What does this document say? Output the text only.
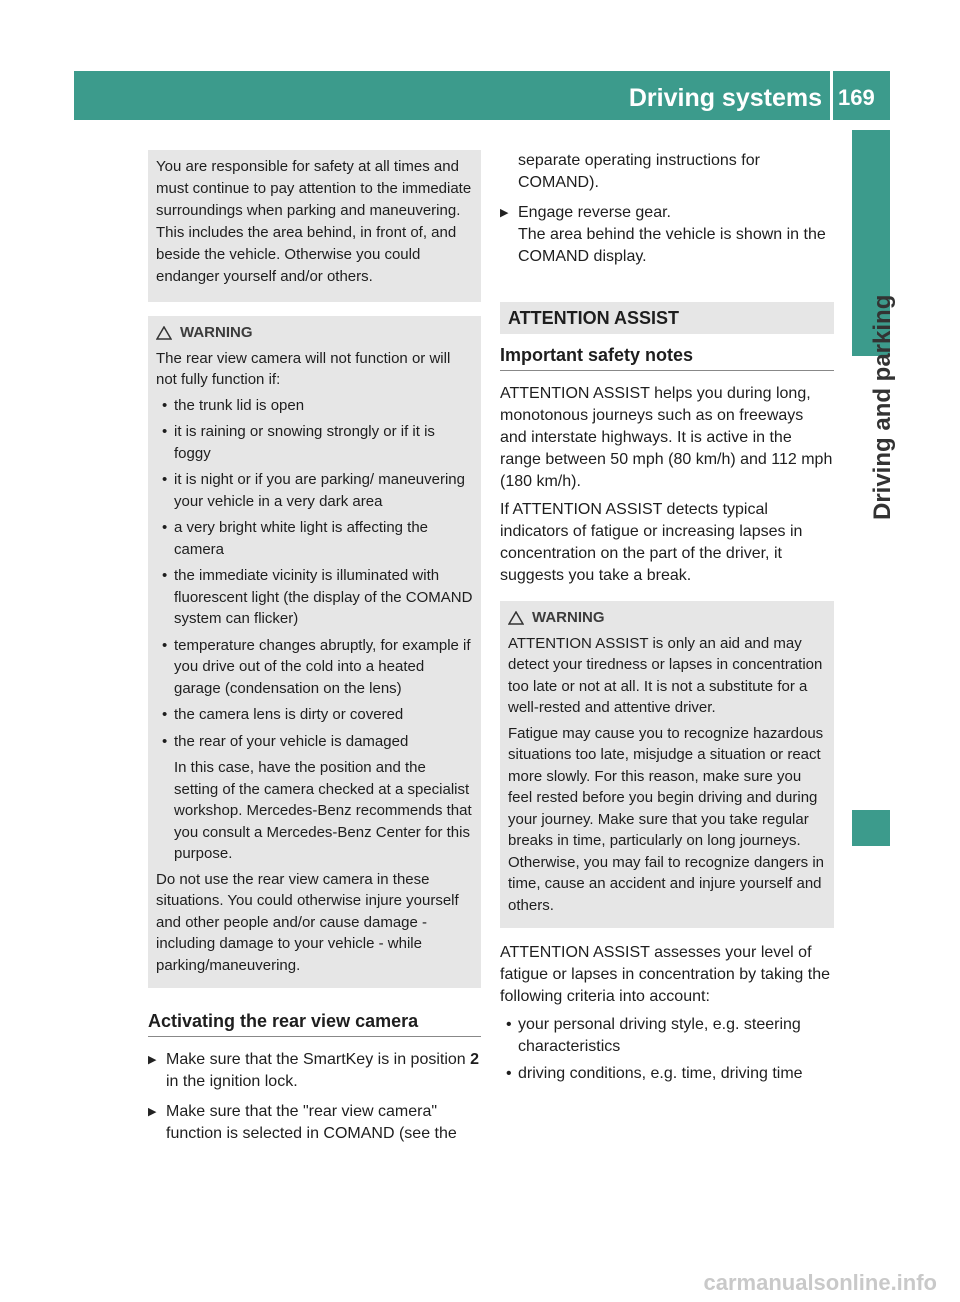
Driving systems 169
Driving and parking

You are responsible for safety at all times and must continue to pay attention to the immediate surroundings when parking and maneuvering. This includes the area behind, in front of, and beside the vehicle. Otherwise you could endanger yourself and/or others.

WARNING

The rear view camera will not function or will not fully function if:

• the trunk lid is open
• it is raining or snowing strongly or if it is foggy
• it is night or if you are parking/ maneuvering your vehicle in a very dark area
• a very bright white light is affecting the camera
• the immediate vicinity is illuminated with fluorescent light (the display of the COMAND system can flicker)
• temperature changes abruptly, for example if you drive out of the cold into a heated garage (condensation on the lens)
• the camera lens is dirty or covered
• the rear of your vehicle is damaged

In this case, have the position and the setting of the camera checked at a specialist workshop. Mercedes-Benz recommends that you consult a Mercedes-Benz Center for this purpose.

Do not use the rear view camera in these situations. You could otherwise injure yourself and other people and/or cause damage - including damage to your vehicle - while parking/maneuvering.

Activating the rear view camera
▶ Make sure that the SmartKey is in position 2 in the ignition lock.
▶ Make sure that the "rear view camera" function is selected in COMAND (see the
separate operating instructions for COMAND).
▶ Engage reverse gear.
The area behind the vehicle is shown in the COMAND display.
ATTENTION ASSIST
Important safety notes

ATTENTION ASSIST helps you during long, monotonous journeys such as on freeways and interstate highways. It is active in the range between 50 mph (80 km/h) and 112 mph (180 km/h).

If ATTENTION ASSIST detects typical indicators of fatigue or increasing lapses in concentration on the part of the driver, it suggests you take a break.

WARNING

ATTENTION ASSIST is only an aid and may detect your tiredness or lapses in concentration too late or not at all. It is not a substitute for a well-rested and attentive driver.

Fatigue may cause you to recognize hazardous situations too late, misjudge a situation or react more slowly. For this reason, make sure you feel rested before you begin driving and during your journey. Make sure that you take regular breaks in time, particularly on long journeys. Otherwise, you may fail to recognize dangers in time, cause an accident and injure yourself and others.

ATTENTION ASSIST assesses your level of fatigue or lapses in concentration by taking the following criteria into account:

• your personal driving style, e.g. steering characteristics
• driving conditions, e.g. time, driving time
carmanualsonline.info
